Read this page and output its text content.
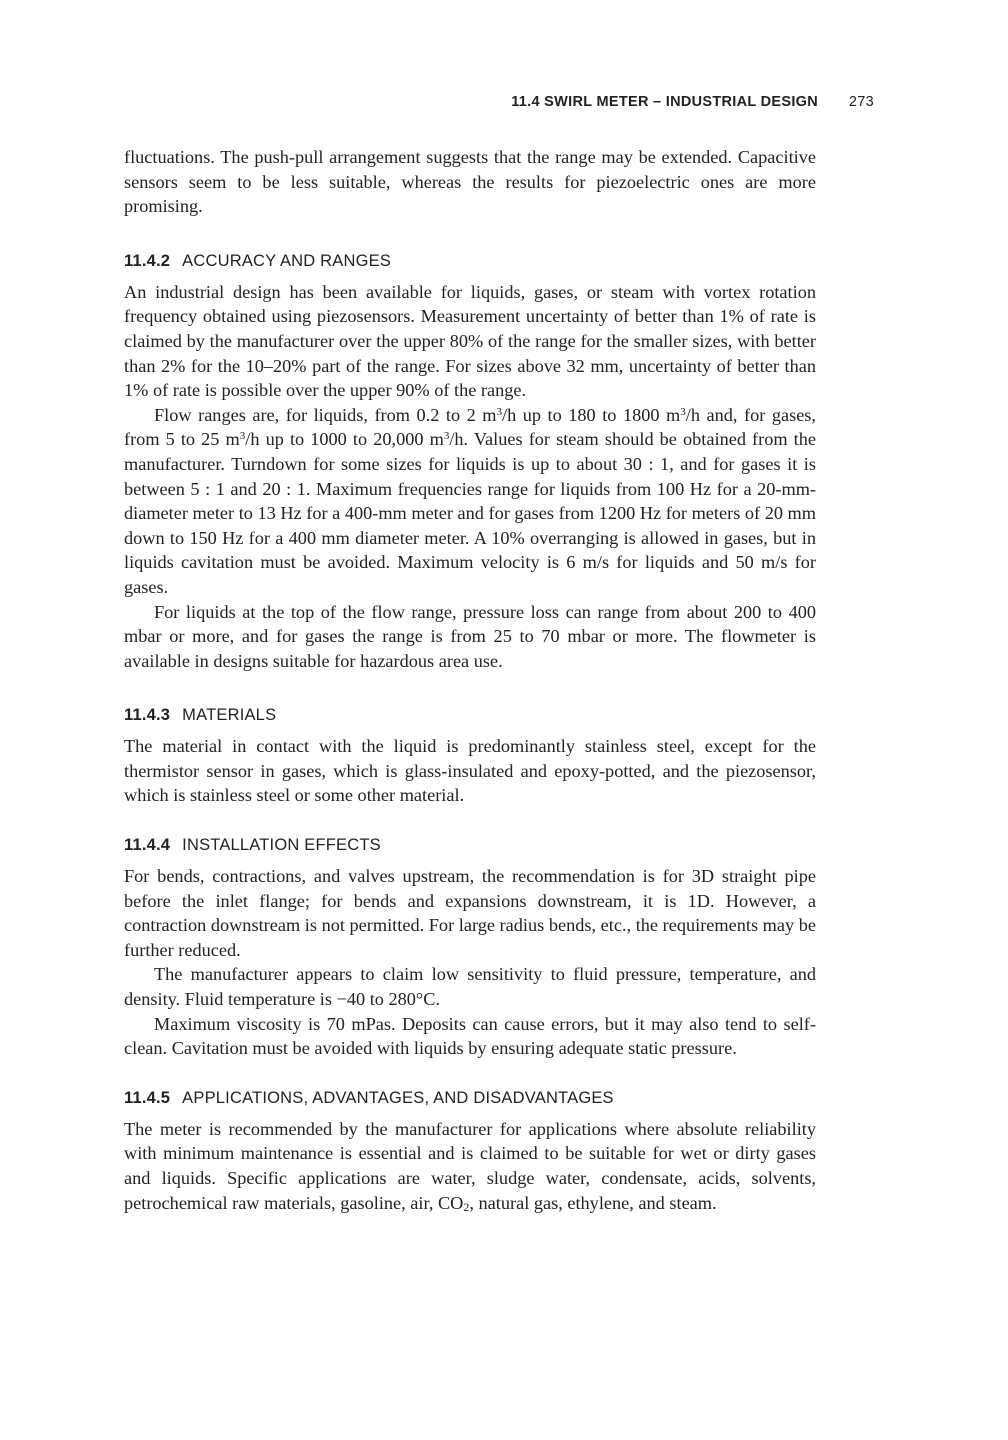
11.4 SWIRL METER – INDUSTRIAL DESIGN 273

fluctuations. The push-pull arrangement suggests that the range may be extended. Capacitive sensors seem to be less suitable, whereas the results for piezoelectric ones are more promising.

11.4.2 ACCURACY AND RANGES

An industrial design has been available for liquids, gases, or steam with vortex rotation frequency obtained using piezosensors. Measurement uncertainty of better than 1% of rate is claimed by the manufacturer over the upper 80% of the range for the smaller sizes, with better than 2% for the 10–20% part of the range. For sizes above 32 mm, uncertainty of better than 1% of rate is possible over the upper 90% of the range.

Flow ranges are, for liquids, from 0.2 to 2 $m^3/h$ up to 180 to 1800 $m^3/h$ and, for gases, from 5 to 25 $m^3/h$ up to 1000 to 20,000 $m^3/h$. Values for steam should be obtained from the manufacturer. Turndown for some sizes for liquids is up to about 30 : 1, and for gases it is between 5 : 1 and 20 : 1. Maximum frequencies range for liquids from 100 Hz for a 20-mm-diameter meter to 13 Hz for a 400-mm meter and for gases from 1200 Hz for meters of 20 mm down to 150 Hz for a 400 mm diameter meter. A 10% overranging is allowed in gases, but in liquids cavitation must be avoided. Maximum velocity is 6 m/s for liquids and 50 m/s for gases.

For liquids at the top of the flow range, pressure loss can range from about 200 to 400 mbar or more, and for gases the range is from 25 to 70 mbar or more. The flowmeter is available in designs suitable for hazardous area use.

11.4.3 MATERIALS

The material in contact with the liquid is predominantly stainless steel, except for the thermistor sensor in gases, which is glass-insulated and epoxy-potted, and the piezosensor, which is stainless steel or some other material.

11.4.4 INSTALLATION EFFECTS

For bends, contractions, and valves upstream, the recommendation is for 3D straight pipe before the inlet flange; for bends and expansions downstream, it is 1D. However, a contraction downstream is not permitted. For large radius bends, etc., the requirements may be further reduced.

The manufacturer appears to claim low sensitivity to fluid pressure, temperature, and density. Fluid temperature is −40 to 280°C.

Maximum viscosity is 70 mPas. Deposits can cause errors, but it may also tend to self-clean. Cavitation must be avoided with liquids by ensuring adequate static pressure.

11.4.5 APPLICATIONS, ADVANTAGES, AND DISADVANTAGES

The meter is recommended by the manufacturer for applications where absolute reliability with minimum maintenance is essential and is claimed to be suitable for wet or dirty gases and liquids. Specific applications are water, sludge water, condensate, acids, solvents, petrochemical raw materials, gasoline, air, $CO_2$, natural gas, ethylene, and steam.
